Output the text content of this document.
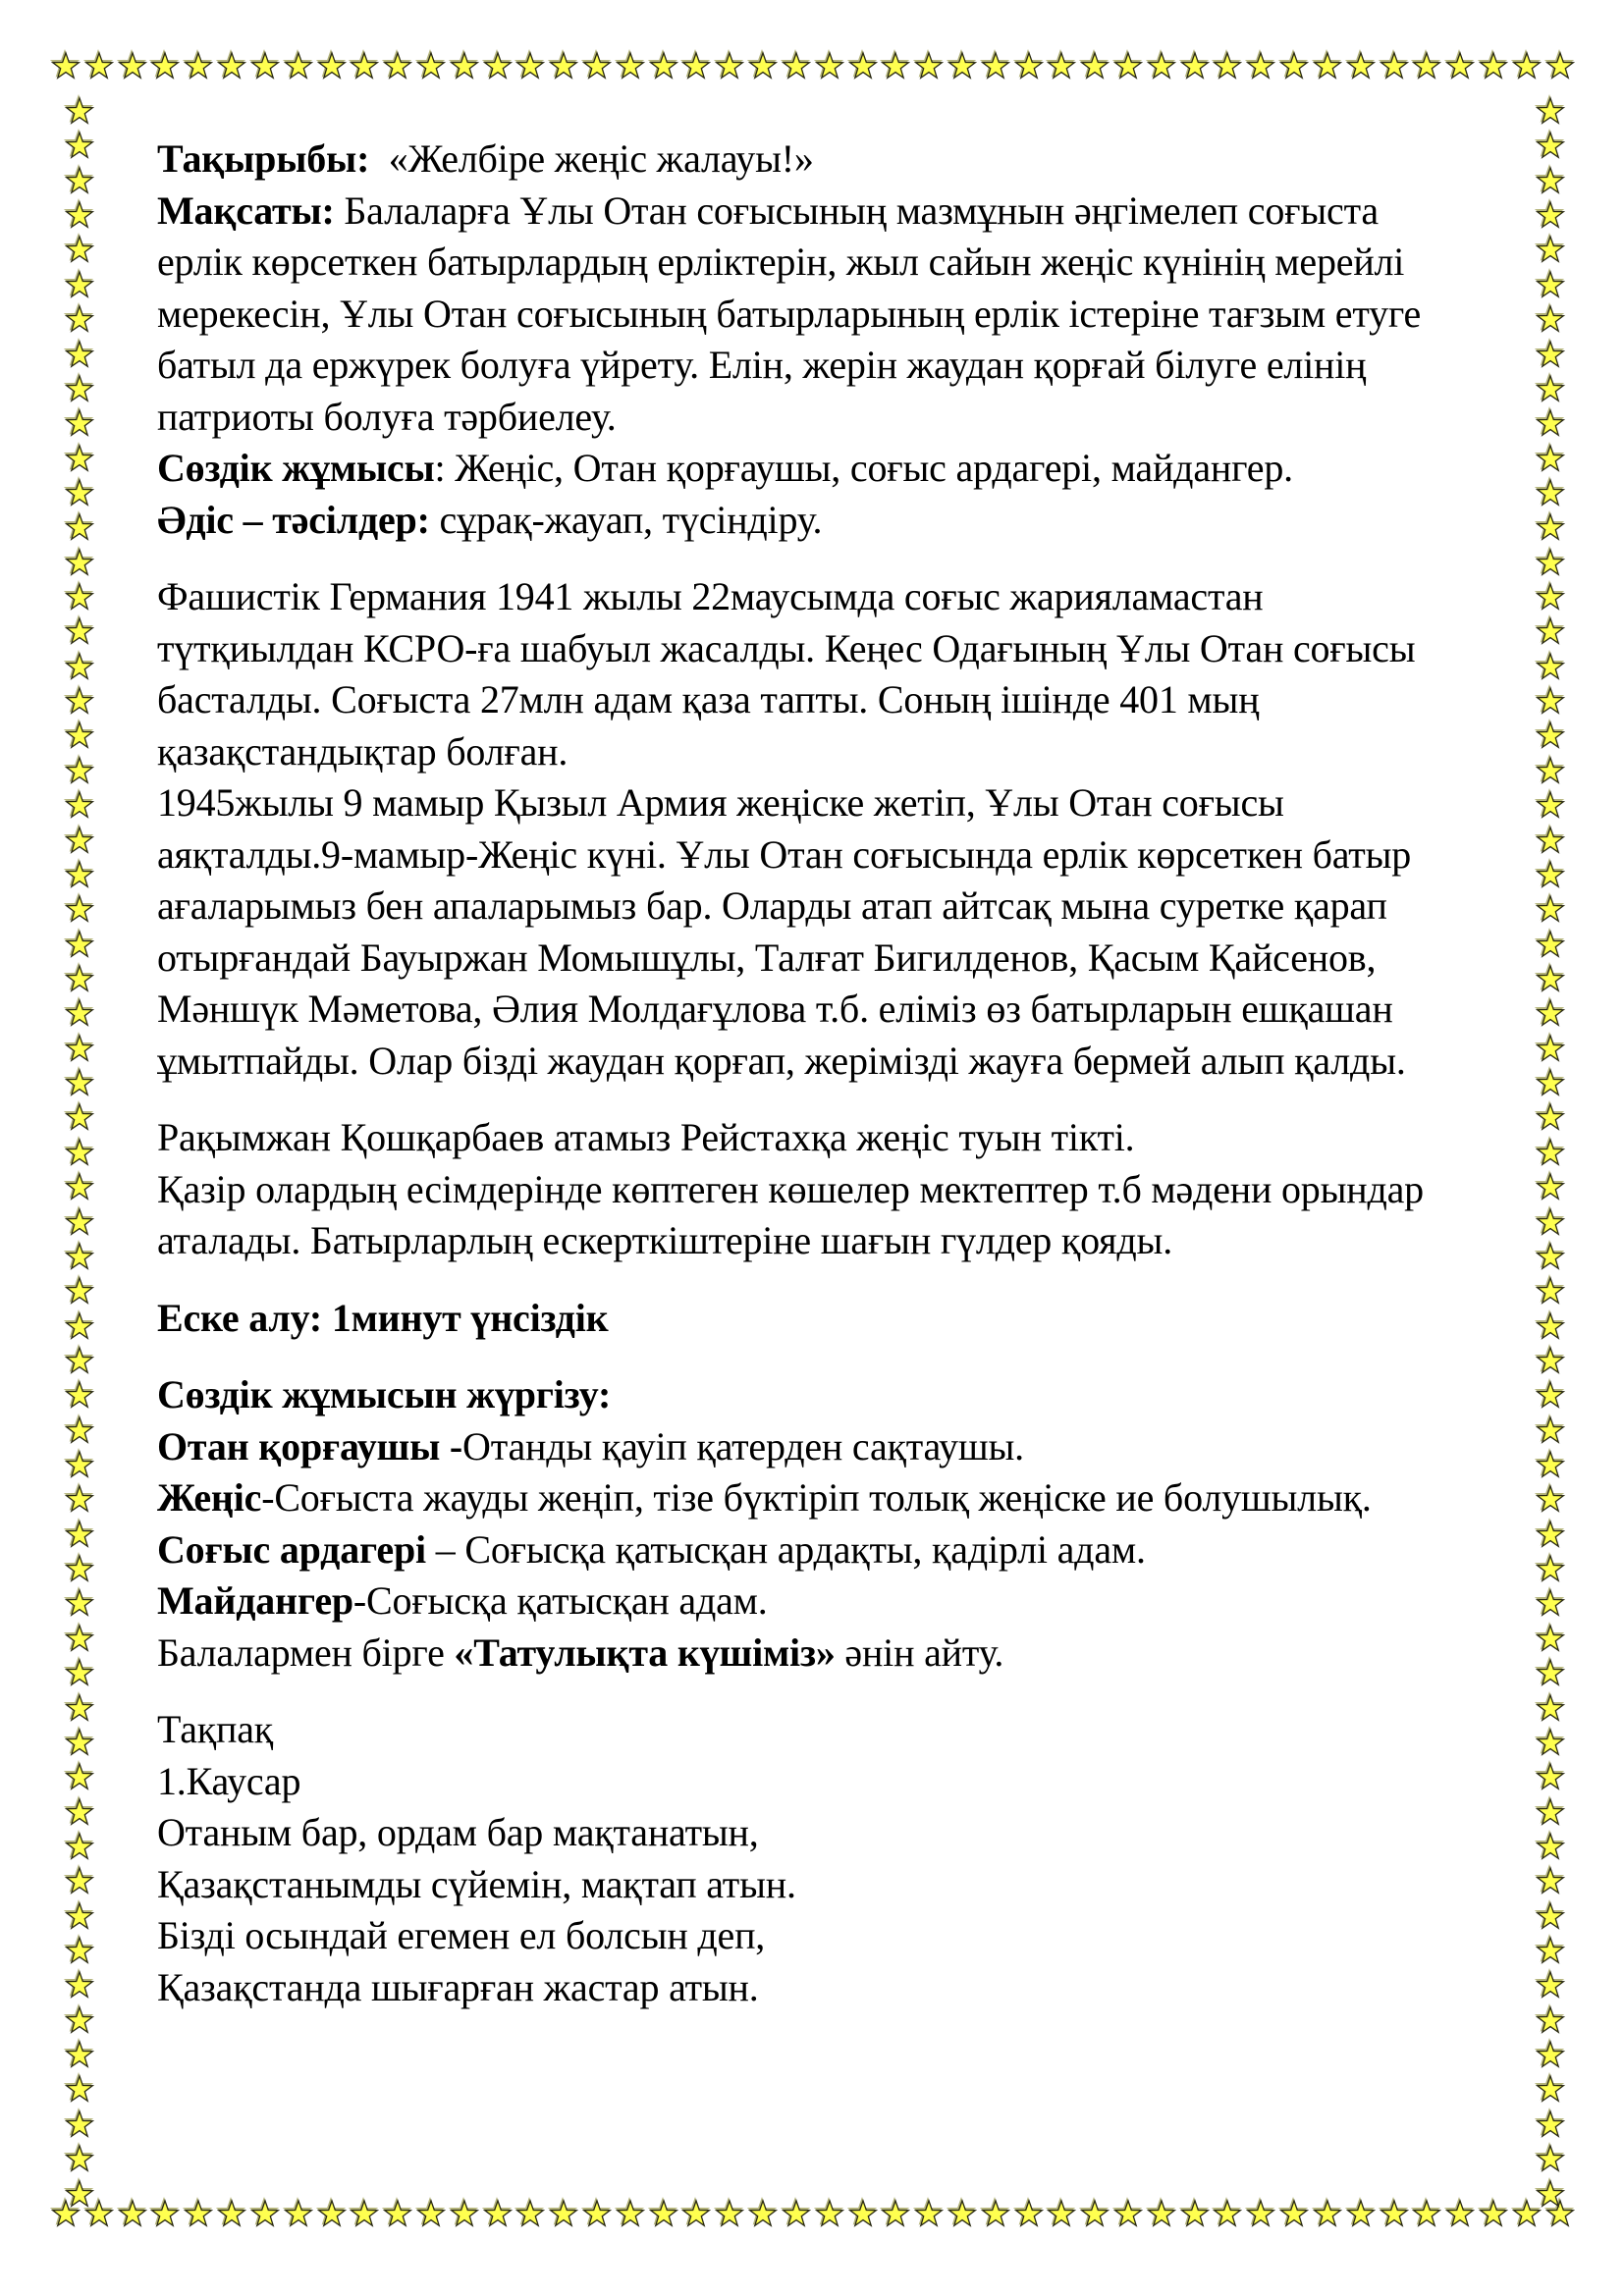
Тақырыбы:  «Желбіре жеңіс жалауы!»
Мақсаты: Балаларға Ұлы Отан соғысының мазмұнын әңгімелеп соғыста
ерлік көрсеткен батырлардың ерліктерін, жыл сайын жеңіс күнінің мерейлі
мерекесін, Ұлы Отан соғысының батырларының ерлік істеріне тағзым етуге
батыл да ержүрек болуға үйрету. Елін, жерін жаудан қорғай білуге елінің
патриоты болуға тәрбиелеу.
Сөздік жұмысы: Жеңіс, Отан қорғаушы, соғыс ардагері, майдангер.
Әдіс – тәсілдер: сұрақ-жауап, түсіндіру.
Фашистік Германия 1941 жылы 22маусымда соғыс жарияламастан
түтқиылдан КСРО-ға шабуыл жасалды. Кеңес Одағының Ұлы Отан соғысы
басталды. Соғыста 27млн адам қаза тапты. Соның ішінде 401 мың
қазақстандықтар болған.
1945жылы 9 мамыр Қызыл Армия жеңіске жетіп, Ұлы Отан соғысы
аяқталды.9-мамыр-Жеңіс күні. Ұлы Отан соғысында ерлік көрсеткен батыр
ағаларымыз бен апаларымыз бар. Оларды атап айтсақ мына суретке қарап
отырғандай Бауыржан Момышұлы, Талғат Бигилденов, Қасым Қайсенов,
Мәншүк Мәметова, Әлия Молдағұлова т.б. еліміз өз батырларын ешқашан
ұмытпайды. Олар бізді жаудан қорғап, жерімізді жауға бермей алып қалды.
Рақымжан Қошқарбаев атамыз Рейстахқа жеңіс туын тікті.
Қазір олардың есімдерінде көптеген көшелер мектептер т.б мәдени орындар
аталады. Батырларлың ескерткіштеріне шағын гүлдер қояды.
Еске алу: 1минут үнсіздік
Сөздік жұмысын жүргізу:
Отан қорғаушы -Отанды қауіп қатерден сақтаушы.
Жеңіс-Соғыста жауды жеңіп, тізе бүктіріп толық жеңіске ие болушылық.
Соғыс ардагері – Соғысқа қатысқан ардақты, қадірлі адам.
Майдангер-Соғысқа қатысқан адам.
Балалармен бірге «Татулықта күшіміз» әнін айту.
Тақпақ
1.Каусар
Отаным бар, ордам бар мақтанатын,
Қазақстанымды сүйемін, мақтап атын.
Бізді осындай егемен ел болсын деп,
Қазақстанда шығарған жастар атын.
